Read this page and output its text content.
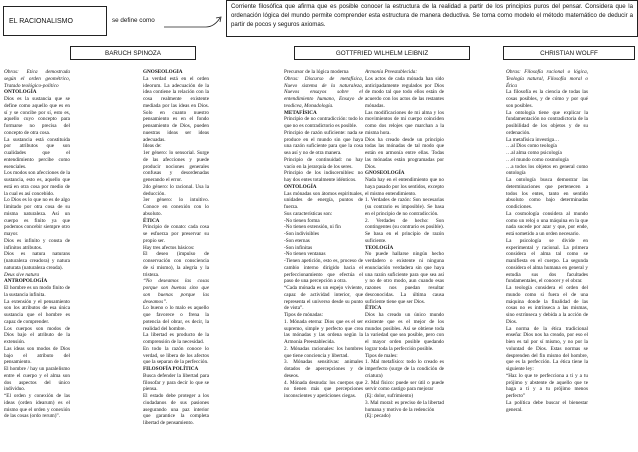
EL RACIONALISMO	se define como
Corriente filosófica que afirma que es posible conocer la estructura de la realidad a partir de los principios puros del pensar. Considera que la ordenación lógica del mundo permite comprender esta estructura de manera deductiva. Se toma como modelo el método matemático de deducir a partir de pocos y seguros axiomas.
BARUCH SPINOZA	GOTTFRIED WILHELM LEIBNIZ	CHRISTIAN WOLFF

Obras: Ética demostrada según el orden geométrico, Tratado teológico-político

ONTOLOGÍA

Dios es la sustancia que se define como aquello que es en sí y se concibe por sí, esto es, aquello cuyo concepto para formarse no precisa del concepto de otra cosa.

La sustancia está constituida por atributos que son cualidades que el entendimiento percibe como esenciales.

Los modos son afecciones de la sustancia, esto es, aquello que está en otra cosa por medio de la cual es así concebido.

Lo Dios es lo que no es de algo limitado por otra cosa de su misma naturaleza. Así un cuerpo es finito ya que podemos concebir siempre otro mayor.

Dios es infinito y consta de infinitos atributos.

Dios es natura naturans (naturaleza creadora) y natura naturata (naturaleza creada).

Deus sive natura

ANTROPOLOGÍA

El hombre es un modo finito de la sustancia infinita.

La extensión y el pensamiento son los atributos de esa única sustancia que el hombre es capaz de comprender.

Los cuerpos son modos de Dios bajo el atributo de la extensión.

Las ideas son modos de Dios bajo el atributo del pensamiento.

El hombre / hay un paralelismo entre el cuerpo y el alma son dos aspectos del único individuo.

“El orden y conexión de las ideas (orden idearum) es el mismo que el orden y conexión de las cosas (ordo rerum)”.

GNOSEOLOGÍA

La verdad está en el orden ideorum. La adecuación de la idea contiene la relación con la cosa realmente existente mediada por las ideas en Dios. Solo en cuanto nuestro pensamiento es en el fondo pensamiento de Dios, pueden nuestras ideas ser ideas adecuadas.

Ideas de:

1er género: lo sensorial. Surge de las afecciones y puede producir nociones generales confusas y desordenadas generando el error.

2do género: lo racional. Usa la deducción.

3er género: lo intuitivo. Conoce en conexión con lo absoluto.

ÉTICA

Principio de conato: cada cosa se esfuerza por preservar su propio ser.

Hay tres afectos básicos:

El deseo (impulso de conservación con consciencia de sí mismo), la alegría y la tristeza.

“No deseamos las cosas porque son buenas sino que son buenas porque las deseamos”.

Lo bueno o lo malo es aquello que favorece o frena la potencia del obrar, es decir, la realidad del hombre.

La libertad es producto de la comprensión de la necesidad.

En todo la razón conoce lo verdad, se libera de los afectos que la separan de la perfección.

FILOSOFÍA POLÍTICA

Busca defender la libertad para filosofar y para decir lo que se piensa.

El estado debe proteger a los ciudadanos de sus pasiones asegurando una paz interior que garantice la completa libertad de pensamiento.

Precursor de la lógica moderna

Obras: Discurso de metafísica, Nuevo sistema de la naturaleza, Nuevos ensayos sobre el entendimiento humano, Ensayo de teodicea, Monadología.

METAFÍSICA

Principio de no contradicción: todo lo que no es contradictorio es posible.

Principio de razón suficiente: nada se produce en el mundo sin que haya una razón suficiente para que la cosa sea así y no de otra manera.

Principio de continuidad: no hay vacío en la jerarquía de los seres.

Principio de los indiscernibles: no hay dos entes totalmente idénticos.

ONTOLOGÍA

Las mónadas son átomos espirituales, unidades de energía, puntos de fuerza.

Sus características son:

-No tienen forma

-No tienen extensión, ni fin

-Son indivisibles

-Son eternas

-Son infinitas

-No tienen ventanas

-Tienen apetición, esto es, proceso de cambio interno dirigido hacia el perfeccionamiento que efectúa el paso de una percepción a otra.

“Cada mónada es un espejo viviente, capaz de actividad interior, que representa el universo desde su punto de vista”.

Tipos de mónadas:

1. Mónada eterna: Dios que es el ser supremo, simple y perfecto que crea las mónadas y las ordena según la Armonía Preestablecida.

2. Mónadas racionales: los hombres que tiene conciencia y libertad.

3. Mónadas sensitivas: animales dotados de apercepciones y de deseos.

4. Mónada desnuda: los cuerpos que no tienen más que percepciones inconscientes y apeticiones ciegas.

Armonía Preestablecida:

Los actos de cada mónada han sido anticipadamente regulados por Dios de modo tal que todo ellos están de acuerdo con los actos de las restantes mónadas.

Las modificaciones de mi alma y los movimientos de mi cuerpo coinciden como dos relojes que marchan a la misma hora.

Dios ha creado desde un principio todas las mónadas de tal modo que están en armonía entre ellas. Todas las mónadas están programadas por Dios.

GNOSEOLOGÍA

Nada hay en el entendimiento que no haya pasado por los sentidos, excepto el mismo entendimiento.

1. Verdades de razón: Son necesarias (su contrario es imposible). Se basa en el principio de no contradicción.

2. Verdades de hecho: Son contingentes (su contrario es posible). Se basa en el principio de razón suficiente.

TEOLOGÍA

No puede hallarse ningún hecho verdadero o existente ni ninguna enunciación verdadera sin que haya una razón suficiente para que sea así y no de otro modo, aun cuando esas razones nos puedan resultar desconocidas. La última causa suficiente tiene que ser Dios.

ÉTICA

Dios ha creado un único mundo existente que es el mejor de los mundos posibles. Así se obtiene toda la variedad que sea posible, pero con el mayor orden posible quedando lograr toda la perfección posible.

Tipos de males:

1. Mal metafísico: todo lo creado es imperfecto (surge de la condición de criatura)

2. Mal físico: puede ser útil o puede servir como castigo para mejorar

(Ej: dolor, sufrimiento)

3. Mal moral: es preciso de la libertad humana y motivo de la redención

(Ej: pecado)

Obras: Filosofía racional o lógica, Teología natural, Filosofía moral o Ética

La filosofía es la ciencia de todas las cosas posibles, y de cómo y por qué son posibles.

La ontología tiene que explicar la fundamentación no contradictoria de la posibilidad de los objetos y de su ordenación.

La metafísica investiga…

…al Dios como teología

…al alma como psicología

…el mundo como cosmología

…a todos los objetos en general como ontología

La ontología busca demostrar las determinaciones que pertenecen a todos los entes, tanto en sentido absoluto como bajo determinadas condiciones.

La cosmología considera al mundo como un reloj o una máquina en la que nada sucede por azar y que, por ende, está sometido a un orden necesario.

La psicología se divide en experimental y racional. La primera considera el alma tal como se manifiesta en el cuerpo. La segunda considera el alma humana en general y estudia sus dos facultades fundamentales, el conocer y el obrar.

La teología considera el orden del mundo como si fuera el de una máquina donde la finalidad de las cosas no es intrínseca a las mismas, sino extrínseca y debida a la acción de Dios.

La norma de la ética tradicional enseña: Dios nos ha creado, por eso el bien es tal por sí mismo, y no por la voluntad de Dios. Estas normas se desprenden del fin mismo del hombre, que es la perfección. La ética tiene la siguiente ley:

“Haz lo que te perfecciona a ti y a tu prójimo y abstente de aquello que te haga a ti y a tu prójimo menos perfecto”

La política debe buscar el bienestar general.
